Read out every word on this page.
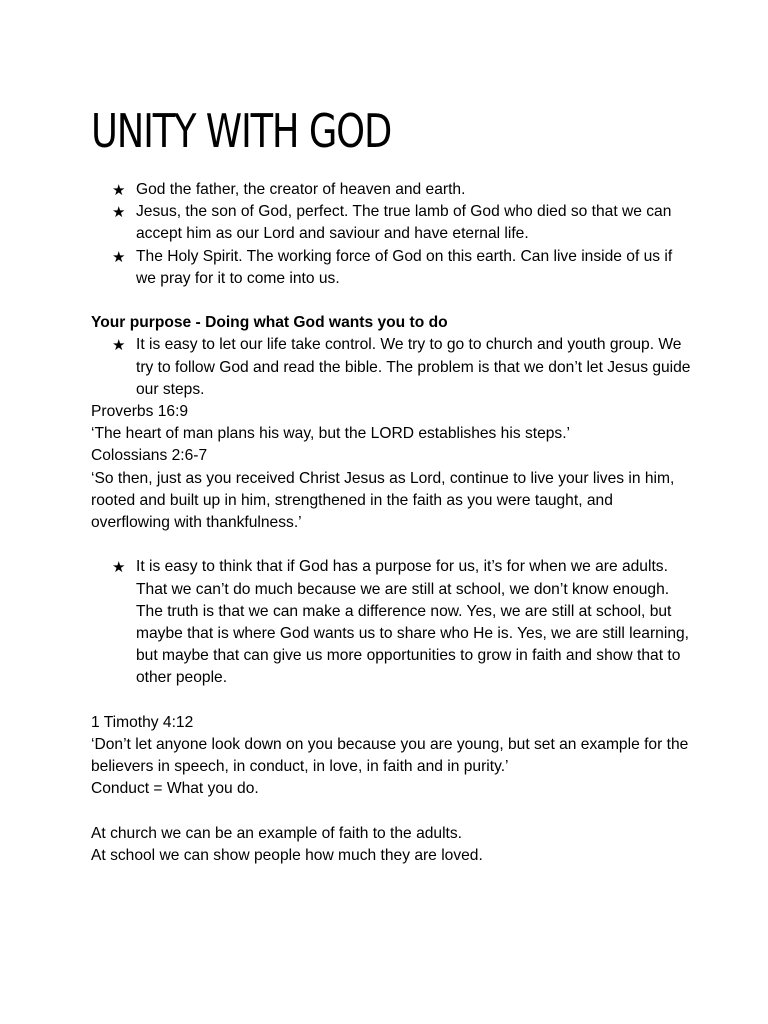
UNITY WITH GOD
★ God the father, the creator of heaven and earth.
★ Jesus, the son of God, perfect. The true lamb of God who died so that we can accept him as our Lord and saviour and have eternal life.
★ The Holy Spirit. The working force of God on this earth. Can live inside of us if we pray for it to come into us.

Your purpose - Doing what God wants you to do

★ It is easy to let our life take control. We try to go to church and youth group. We try to follow God and read the bible. The problem is that we don’t let Jesus guide our steps.

Proverbs 16:9

‘The heart of man plans his way, but the LORD establishes his steps.’

Colossians 2:6-7

‘So then, just as you received Christ Jesus as Lord, continue to live your lives in him, rooted and built up in him, strengthened in the faith as you were taught, and overflowing with thankfulness.’

★ It is easy to think that if God has a purpose for us, it’s for when we are adults. That we can’t do much because we are still at school, we don’t know enough.
The truth is that we can make a difference now. Yes, we are still at school, but maybe that is where God wants us to share who He is. Yes, we are still learning, but maybe that can give us more opportunities to grow in faith and show that to other people.

1 Timothy 4:12

‘Don’t let anyone look down on you because you are young, but set an example for the believers in speech, in conduct, in love, in faith and in purity.’

Conduct = What you do.

At church we can be an example of faith to the adults.

At school we can show people how much they are loved.
